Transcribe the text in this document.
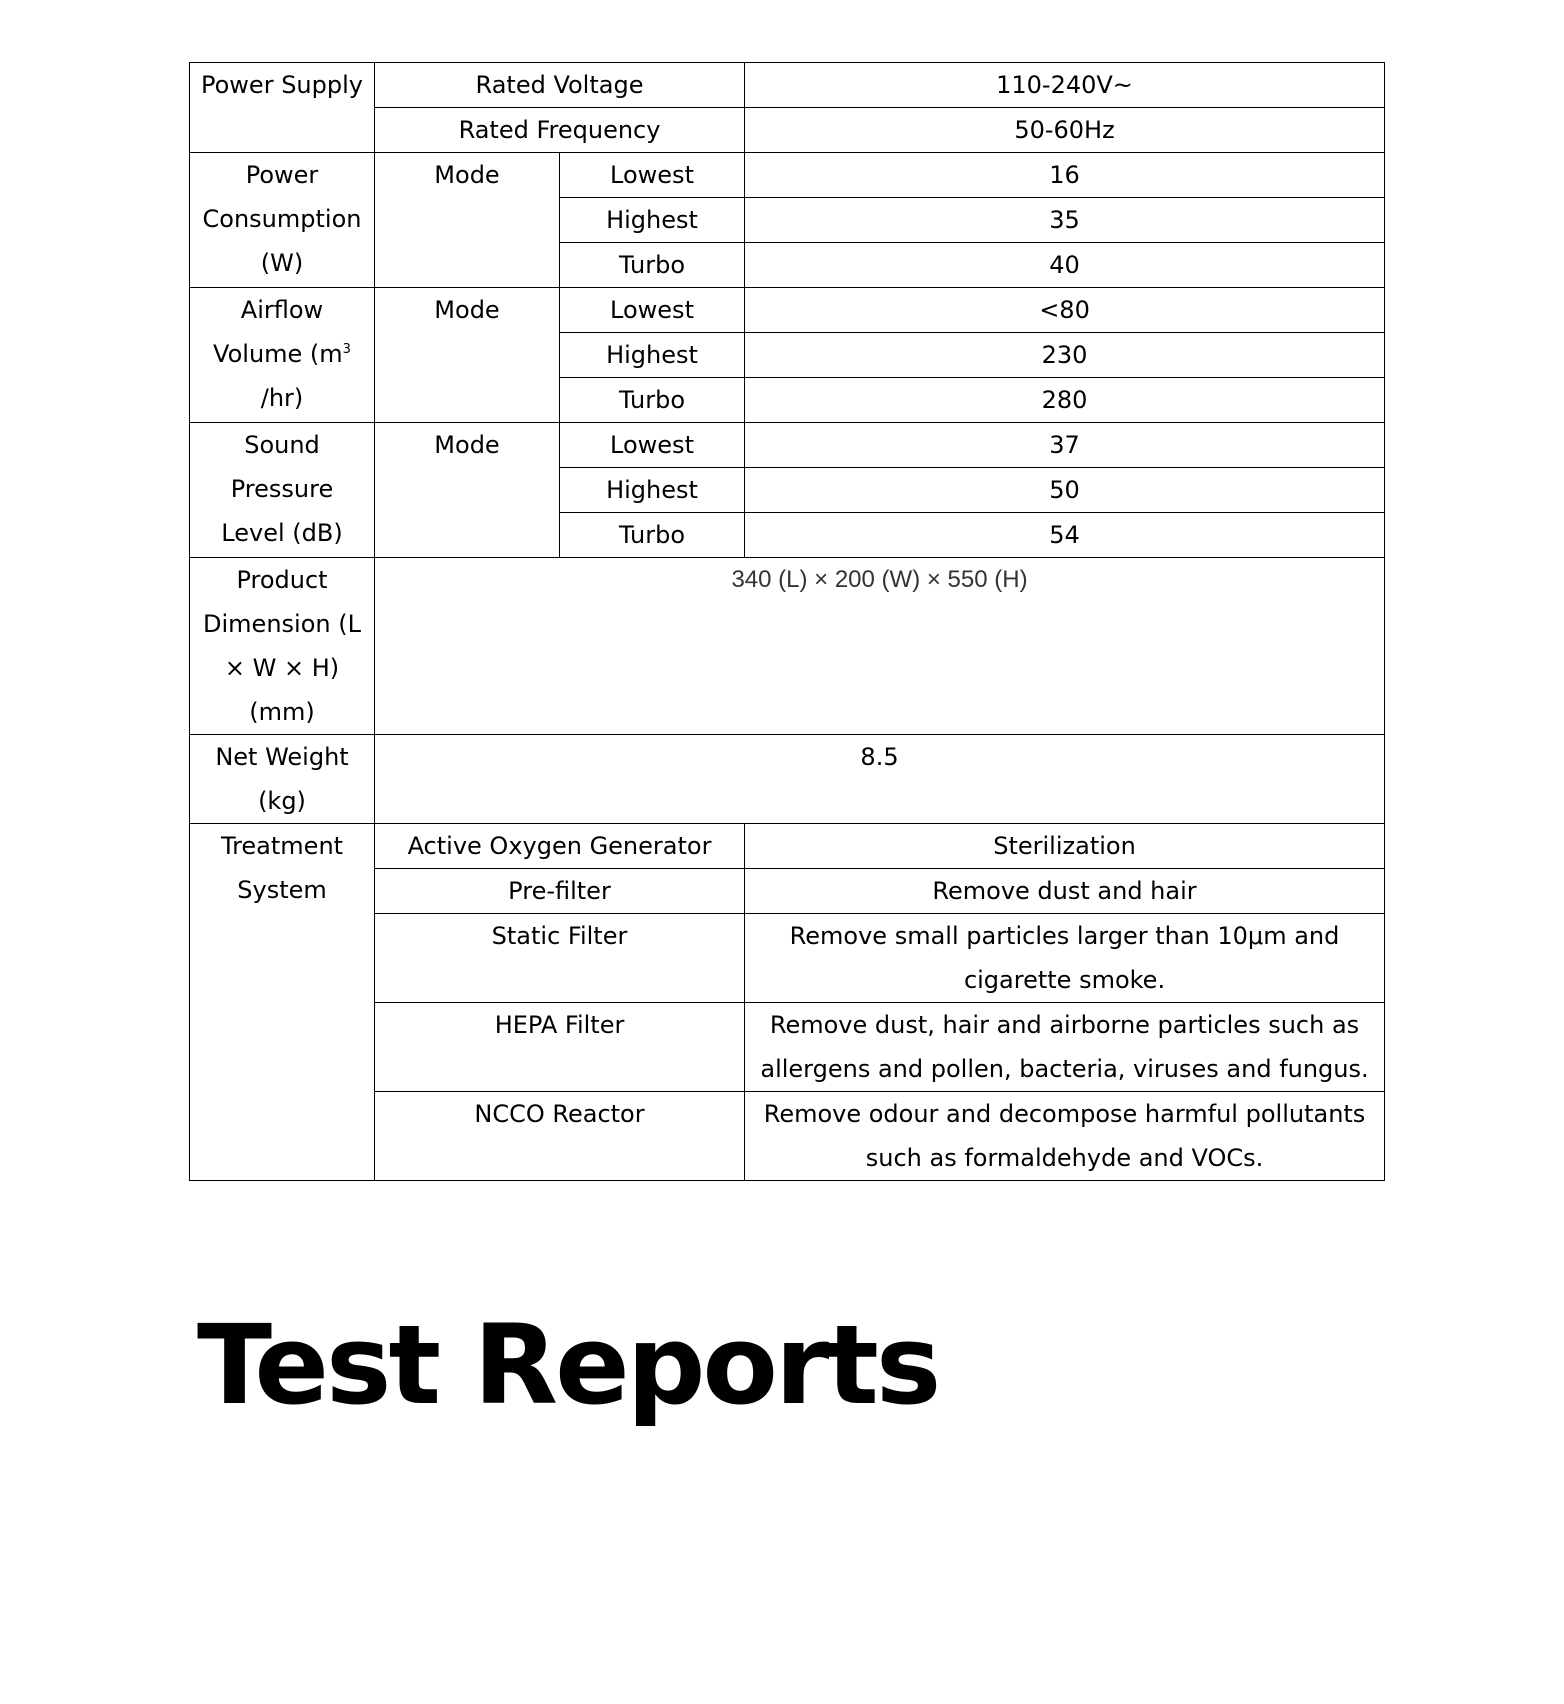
Power Supply	Rated Voltage		110-240V~
	Rated Frequency		50-60Hz
Power Consumption (W)	Mode	Lowest	16
		Highest	35
		Turbo	40
Airflow Volume ($m^3$ /hr)	Mode	Lowest	<80
		Highest	230
		Turbo	280
Sound Pressure Level (dB)	Mode	Lowest	37
		Highest	50
		Turbo	54
Product Dimension (L × W × H) (mm)	340 (L) × 200 (W) × 550 (H)		
Net Weight (kg)	8.5		
Treatment System	Active Oxygen Generator		Sterilization
	Pre-filter		Remove dust and hair
	Static Filter		Remove small particles larger than 10μm and cigarette smoke.
	HEPA Filter		Remove dust, hair and airborne particles such as allergens and pollen, bacteria, viruses and fungus.
	NCCO Reactor		Remove odour and decompose harmful pollutants such as formaldehyde and VOCs.
Test Reports
